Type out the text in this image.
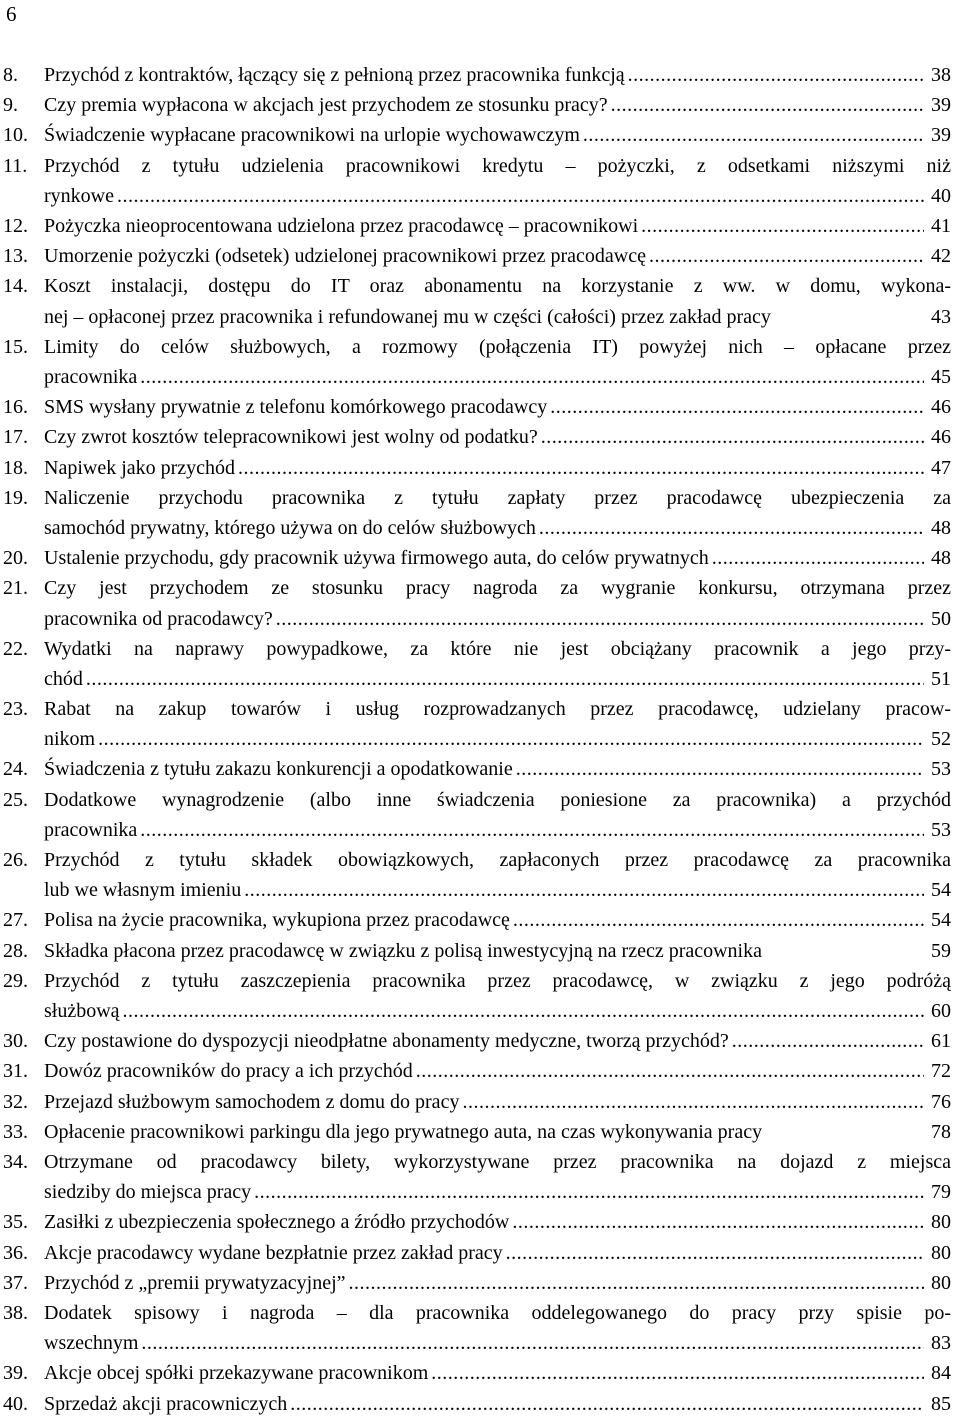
6
8.	Przychód z kontraktów, łączący się z pełnioną przez pracownika funkcją .....	38
9.	Czy premia wypłacona w akcjach jest przychodem ze stosunku pracy? .....	39
10. Świadczenie wypłacane pracownikowi na urlopie wychowawczym .....	39
11. Przychód z tytułu udzielenia pracownikowi kredytu – pożyczki, z odsetkami niższymi niż
rynkowe .....	40
12. Pożyczka nieoprocentowana udzielona przez pracodawcę – pracownikowi .....	41
13. Umorzenie pożyczki (odsetek) udzielonej pracownikowi przez pracodawcę .....	42
14. Koszt instalacji, dostępu do IT oraz abonamentu na korzystanie z ww. w domu, wykona-
nej – opłaconej przez pracownika i refundowanej mu w części (całości) przez zakład pracy	43
15. Limity do celów służbowych, a rozmowy (połączenia IT) powyżej nich – opłacane przez
pracownika .....	45
16. SMS wysłany prywatnie z telefonu komórkowego pracodawcy .....	46
17. Czy zwrot kosztów telepracownikowi jest wolny od podatku? .....	46
18. Napiwek jako przychód .....	47
19. Naliczenie przychodu pracownika z tytułu zapłaty przez pracodawcę ubezpieczenia za
samochód prywatny, którego używa on do celów służbowych .....	48
20. Ustalenie przychodu, gdy pracownik używa firmowego auta, do celów prywatnych .....	48
21. Czy jest przychodem ze stosunku pracy nagroda za wygranie konkursu, otrzymana przez
pracownika od pracodawcy? .....	50
22. Wydatki na naprawy powypadkowe, za które nie jest obciążany pracownik a jego przy-
chód .....	51
23. Rabat na zakup towarów i usług rozprowadzanych przez pracodawcę, udzielany pracow-
nikom .....	52
24. Świadczenia z tytułu zakazu konkurencji a opodatkowanie .....	53
25. Dodatkowe wynagrodzenie (albo inne świadczenia poniesione za pracownika) a przychód
pracownika .....	53
26. Przychód z tytułu składek obowiązkowych, zapłaconych przez pracodawcę za pracownika
lub we własnym imieniu .....	54
27. Polisa na życie pracownika, wykupiona przez pracodawcę .....	54
28. Składka płacona przez pracodawcę w związku z polisą inwestycyjną na rzecz pracownika	59
29. Przychód z tytułu zaszczepienia pracownika przez pracodawcę, w związku z jego podróżą
służbową .....	60
30. Czy postawione do dyspozycji nieodpłatne abonamenty medyczne, tworzą przychód? .....	61
31. Dowóz pracowników do pracy a ich przychód .....	72
32. Przejazd służbowym samochodem z domu do pracy .....	76
33. Opłacenie pracownikowi parkingu dla jego prywatnego auta, na czas wykonywania pracy	78
34. Otrzymane od pracodawcy bilety, wykorzystywane przez pracownika na dojazd z miejsca
siedziby do miejsca pracy .....	79
35. Zasiłki z ubezpieczenia społecznego a źródło przychodów .....	80
36. Akcje pracodawcy wydane bezpłatnie przez zakład pracy .....	80
37. Przychód z „premii prywatyzacyjnej” .....	80
38. Dodatek spisowy i nagroda – dla pracownika oddelegowanego do pracy przy spisie po-
wszechnym .....	83
39. Akcje obcej spółki przekazywane pracownikom .....	84
40. Sprzedaż akcji pracowniczych .....	85
